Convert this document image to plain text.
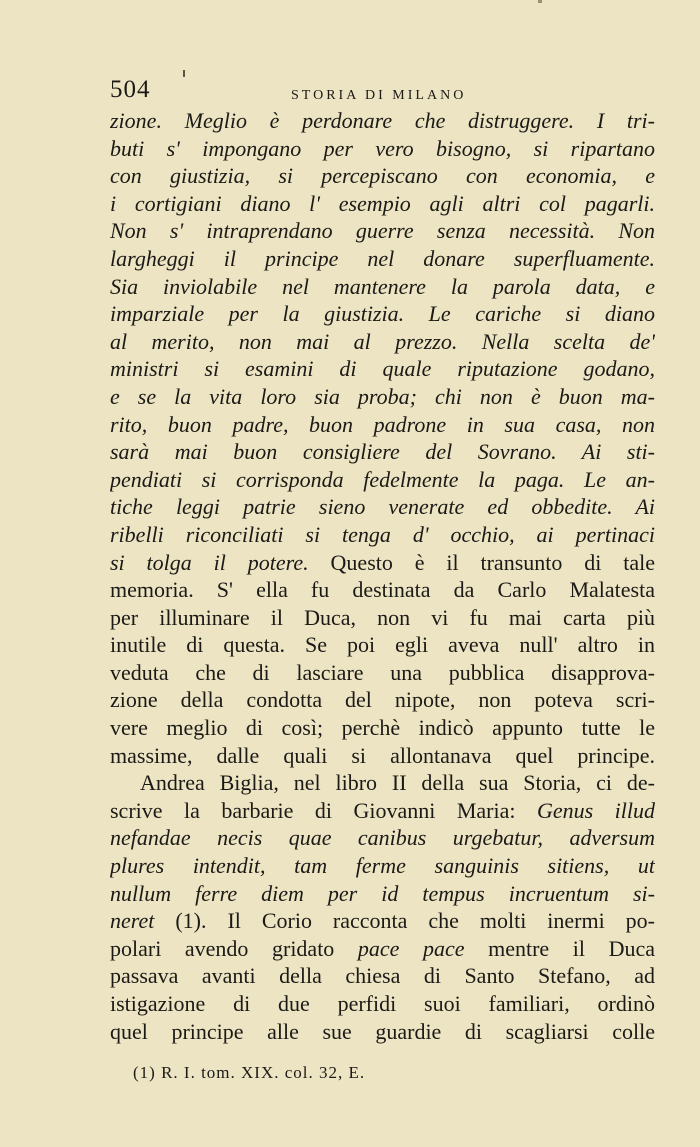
504	STORIA DI MILANO
zione. Meglio è perdonare che distruggere. I tri-
buti s' impongano per vero bisogno, si ripartano
con giustizia, si percepiscano con economia, e
i cortigiani diano l' esempio agli altri col pagarli.
Non s' intraprendano guerre senza necessità. Non
largheggi il principe nel donare superfluamente.
Sia inviolabile nel mantenere la parola data, e
imparziale per la giustizia. Le cariche si diano
al merito, non mai al prezzo. Nella scelta de'
ministri si esamini di quale riputazione godano,
e se la vita loro sia proba; chi non è buon ma-
rito, buon padre, buon padrone in sua casa, non
sarà mai buon consigliere del Sovrano. Ai sti-
pendiati si corrisponda fedelmente la paga. Le an-
tiche leggi patrie sieno venerate ed obbedite. Ai
ribelli riconciliati si tenga d' occhio, ai pertinaci
si tolga il potere. Questo è il transunto di tale
memoria. S' ella fu destinata da Carlo Malatesta
per illuminare il Duca, non vi fu mai carta più
inutile di questa. Se poi egli aveva null' altro in
veduta che di lasciare una pubblica disapprova-
zione della condotta del nipote, non poteva scri-
vere meglio di così; perchè indicò appunto tutte le
massime, dalle quali si allontanava quel principe.
Andrea Biglia, nel libro II della sua Storia, ci de-
scrive la barbarie di Giovanni Maria: Genus illud
nefandae necis quae canibus urgebatur, adversum
plures intendit, tam ferme sanguinis sitiens, ut
nullum ferre diem per id tempus incruentum si-
neret (1). Il Corio racconta che molti inermi po-
polari avendo gridato pace pace mentre il Duca
passava avanti della chiesa di Santo Stefano, ad
istigazione di due perfidi suoi familiari, ordinò
quel principe alle sue guardie di scagliarsi colle
(1) R. I. tom. XIX. col. 32, E.
